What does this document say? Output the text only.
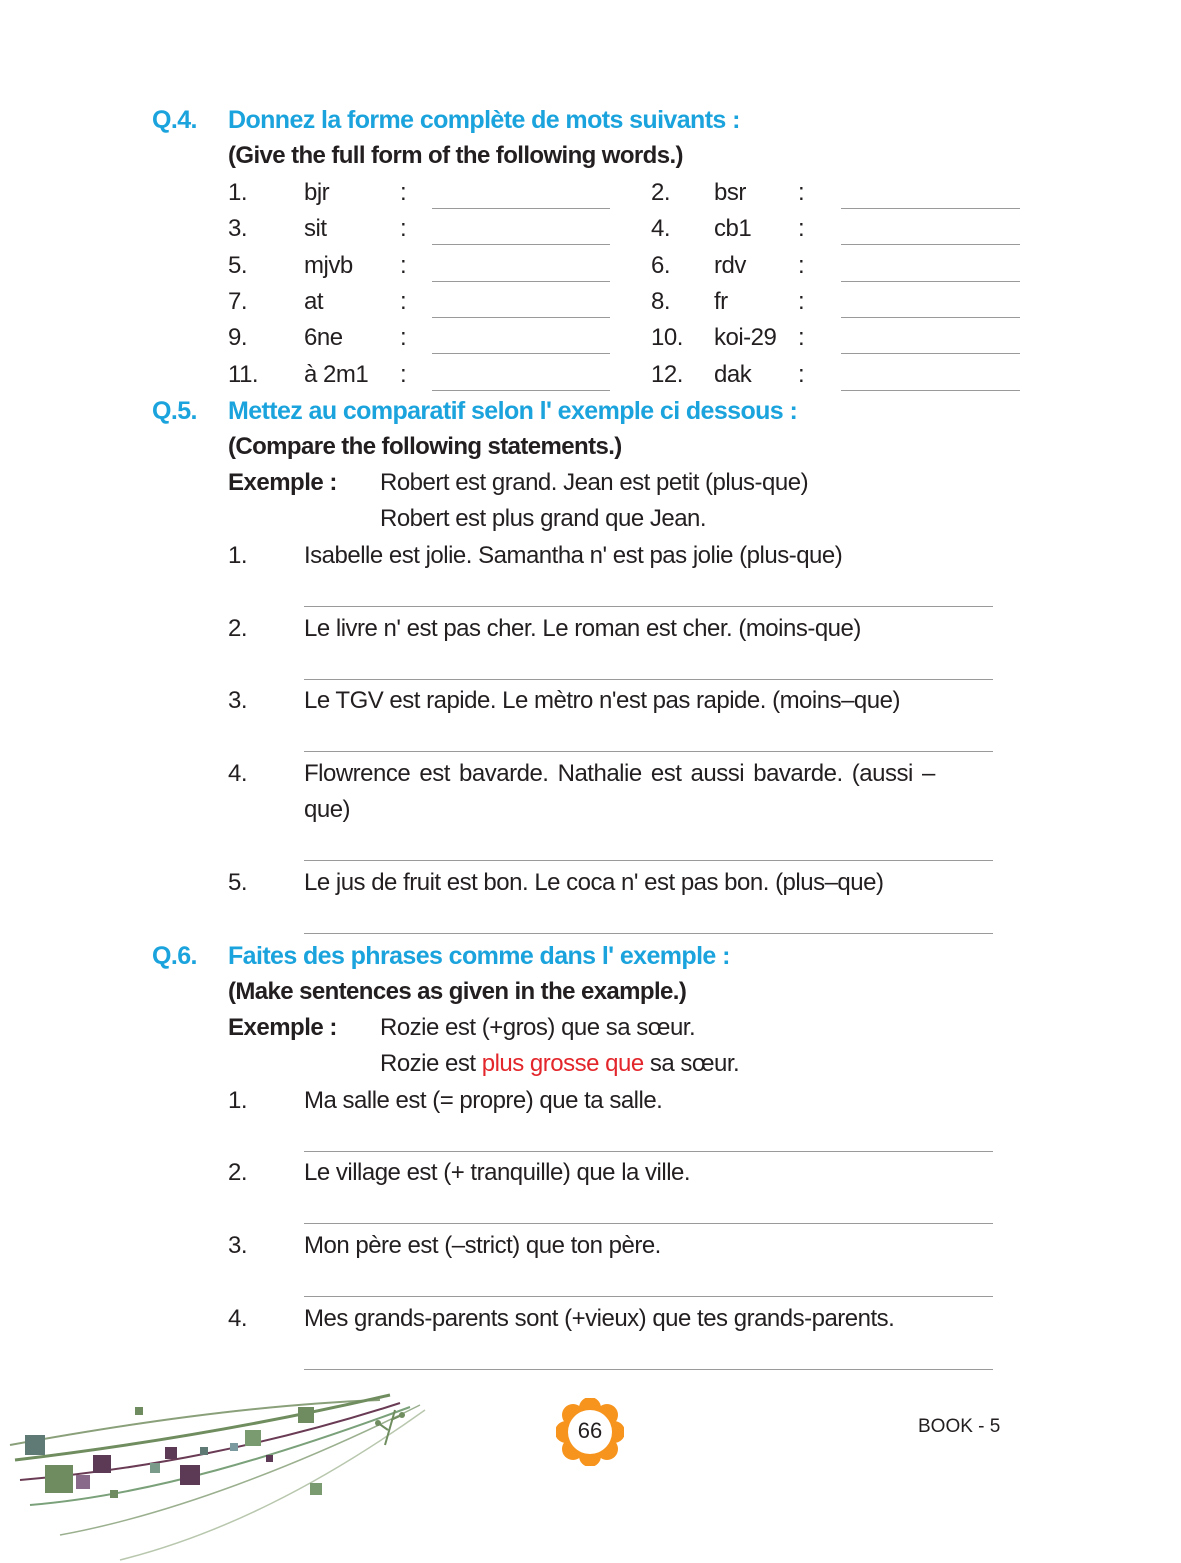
Q.4. Donnez la forme complète de mots suivants :
(Give the full form of the following words.)
1. bjr	:	2. bsr :
3. sit	:	4. cb1 :
5. mjvb :	6. rdv :
7. at	:	8. fr	:
9. 6ne :	10. koi-29 :
11. à 2m1 :	12. dak :
Q.5. Mettez au comparatif selon l' exemple ci dessous :
(Compare the following statements.)
Exemple : Robert est grand. Jean est petit (plus-que)
Robert est plus grand que Jean.
1. Isabelle est jolie. Samantha n' est pas jolie (plus-que)
2. Le livre n' est pas cher. Le roman est cher. (moins-que)
3. Le TGV est rapide. Le mètro n'est pas rapide. (moins–que)
4. Flowrence est bavarde. Nathalie est aussi bavarde. (aussi –
que)
5. Le jus de fruit est bon. Le coca n' est pas bon. (plus–que)
Q.6. Faites des phrases comme dans l' exemple :
(Make sentences as given in the example.)
Exemple : Rozie est (+gros) que sa sœur.
Rozie est plus grosse que sa sœur.
1. Ma salle est (= propre) que ta salle.
2. Le village est (+ tranquille) que la ville.
3. Mon père est (–strict) que ton père.
4. Mes grands-parents sont (+vieux) que tes grands-parents.
66	BOOK - 5
